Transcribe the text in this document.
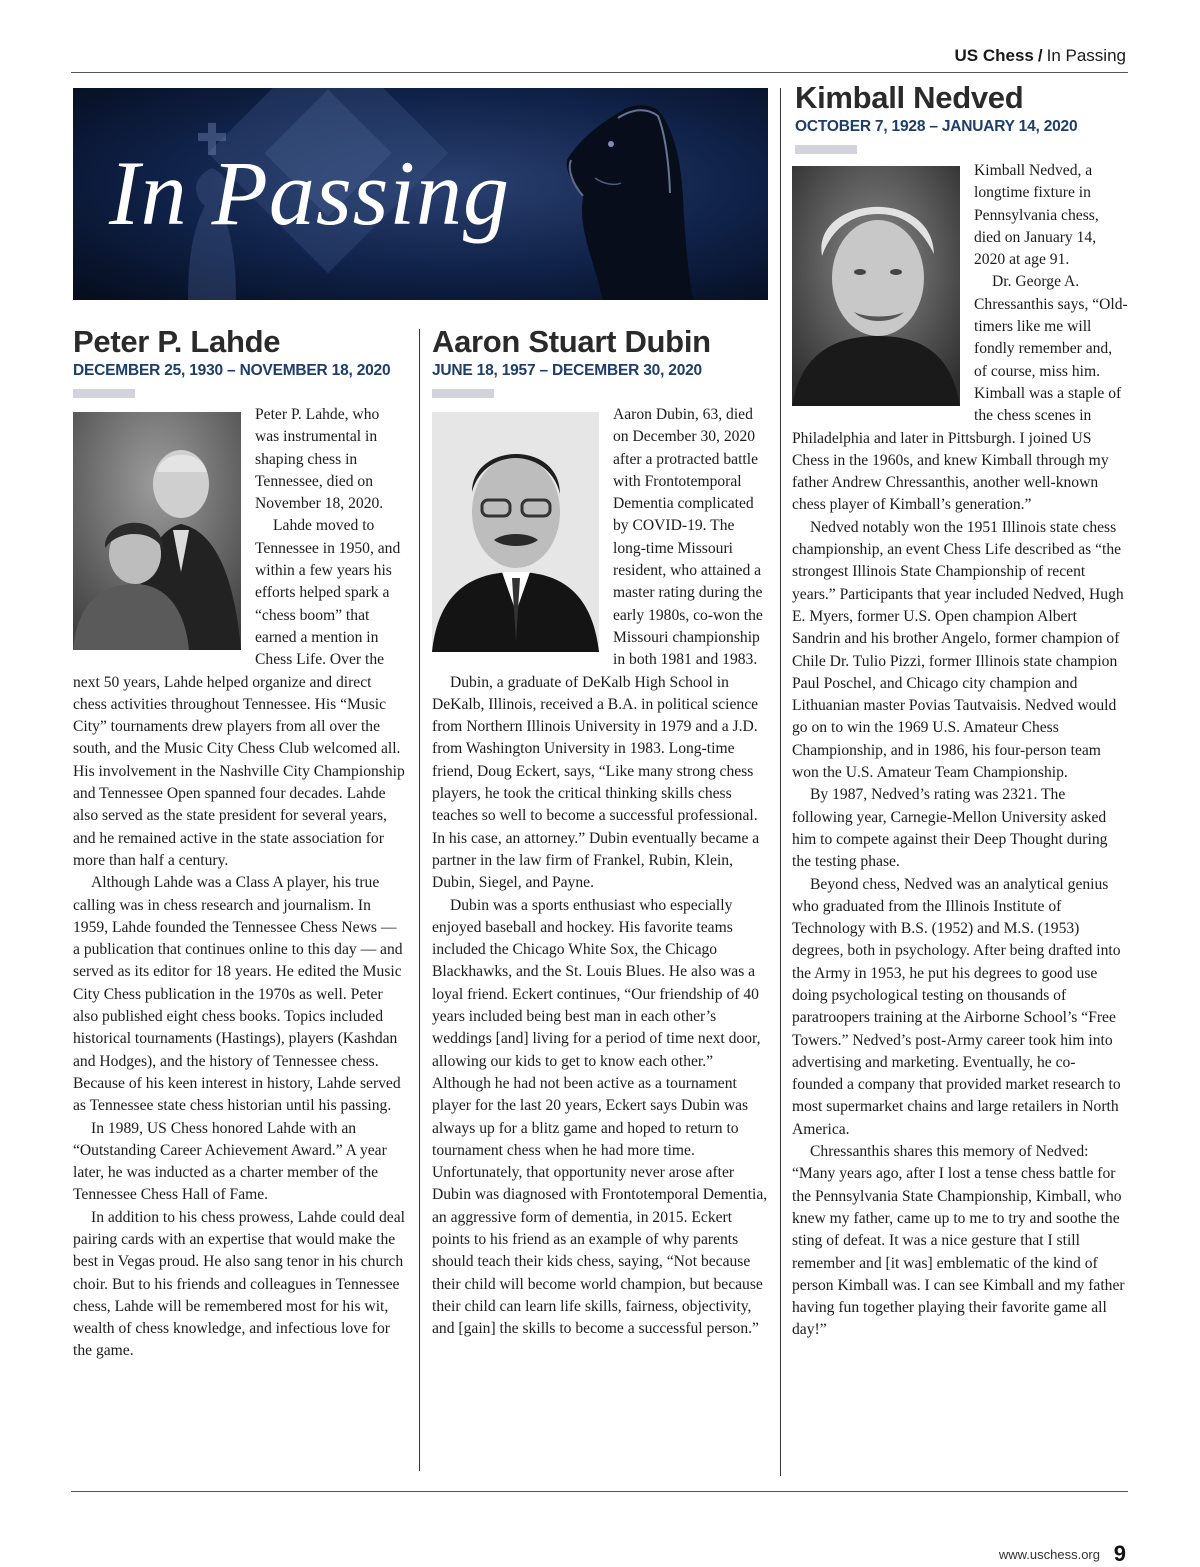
US Chess / In Passing
In Passing
Peter P. Lahde
DECEMBER 25, 1930 – NOVEMBER 18, 2020

Peter P. Lahde, who was instrumental in shaping chess in Tennessee, died on November 18, 2020.

Lahde moved to Tennessee in 1950, and within a few years his efforts helped spark a “chess boom” that earned a mention in Chess Life. Over the next 50 years, Lahde helped organize and direct chess activities throughout Tennessee. His “Music City” tournaments drew players from all over the south, and the Music City Chess Club welcomed all. His involvement in the Nashville City Championship and Tennessee Open spanned four decades. Lahde also served as the state president for several years, and he remained active in the state association for more than half a century.

Although Lahde was a Class A player, his true calling was in chess research and journalism. In 1959, Lahde founded the Tennessee Chess News — a publication that continues online to this day — and served as its editor for 18 years. He edited the Music City Chess publication in the 1970s as well. Peter also published eight chess books. Topics included historical tournaments (Hastings), players (Kashdan and Hodges), and the history of Tennessee chess. Because of his keen interest in history, Lahde served as Tennessee state chess historian until his passing.

In 1989, US Chess honored Lahde with an “Outstanding Career Achievement Award.” A year later, he was inducted as a charter member of the Tennessee Chess Hall of Fame.

In addition to his chess prowess, Lahde could deal pairing cards with an expertise that would make the best in Vegas proud. He also sang tenor in his church choir. But to his friends and colleagues in Tennessee chess, Lahde will be remembered most for his wit, wealth of chess knowledge, and infectious love for the game.

Aaron Stuart Dubin
JUNE 18, 1957 – DECEMBER 30, 2020

Aaron Dubin, 63, died on December 30, 2020 after a protracted battle with Frontotemporal Dementia complicated by COVID-19. The long-time Missouri resident, who attained a master rating during the early 1980s, co-won the Missouri championship in both 1981 and 1983.

Dubin, a graduate of DeKalb High School in DeKalb, Illinois, received a B.A. in political science from Northern Illinois University in 1979 and a J.D. from Washington University in 1983. Long-time friend, Doug Eckert, says, “Like many strong chess players, he took the critical thinking skills chess teaches so well to become a successful professional. In his case, an attorney.” Dubin eventually became a partner in the law firm of Frankel, Rubin, Klein, Dubin, Siegel, and Payne.

Dubin was a sports enthusiast who especially enjoyed baseball and hockey. His favorite teams included the Chicago White Sox, the Chicago Blackhawks, and the St. Louis Blues. He also was a loyal friend. Eckert continues, “Our friendship of 40 years included being best man in each other’s weddings [and] living for a period of time next door, allowing our kids to get to know each other.” Although he had not been active as a tournament player for the last 20 years, Eckert says Dubin was always up for a blitz game and hoped to return to tournament chess when he had more time. Unfortunately, that opportunity never arose after Dubin was diagnosed with Frontotemporal Dementia, an aggressive form of dementia, in 2015. Eckert points to his friend as an example of why parents should teach their kids chess, saying, “Not because their child will become world champion, but because their child can learn life skills, fairness, objectivity, and [gain] the skills to become a successful person.”

Kimball Nedved
OCTOBER 7, 1928 – JANUARY 14, 2020

Kimball Nedved, a longtime fixture in Pennsylvania chess, died on January 14, 2020 at age 91.

Dr. George A. Chressanthis says, “Old-timers like me will fondly remember and, of course, miss him. Kimball was a staple of the chess scenes in Philadelphia and later in Pittsburgh. I joined US Chess in the 1960s, and knew Kimball through my father Andrew Chressanthis, another well-known chess player of Kimball’s generation.”

Nedved notably won the 1951 Illinois state chess championship, an event Chess Life described as “the strongest Illinois State Championship of recent years.” Participants that year included Nedved, Hugh E. Myers, former U.S. Open champion Albert Sandrin and his brother Angelo, former champion of Chile Dr. Tulio Pizzi, former Illinois state champion Paul Poschel, and Chicago city champion and Lithuanian master Povias Tautvaisis. Nedved would go on to win the 1969 U.S. Amateur Chess Championship, and in 1986, his four-person team won the U.S. Amateur Team Championship.

By 1987, Nedved’s rating was 2321. The following year, Carnegie-Mellon University asked him to compete against their Deep Thought during the testing phase.

Beyond chess, Nedved was an analytical genius who graduated from the Illinois Institute of Technology with B.S. (1952) and M.S. (1953) degrees, both in psychology. After being drafted into the Army in 1953, he put his degrees to good use doing psychological testing on thousands of paratroopers training at the Airborne School’s “Free Towers.” Nedved’s post-Army career took him into advertising and marketing. Eventually, he co- founded a company that provided market research to most supermarket chains and large retailers in North America.

Chressanthis shares this memory of Nedved: “Many years ago, after I lost a tense chess battle for the Pennsylvania State Championship, Kimball, who knew my father, came up to me to try and soothe the sting of defeat. It was a nice gesture that I still remember and [it was] emblematic of the kind of person Kimball was. I can see Kimball and my father having fun together playing their favorite game all day!”

www.uschess.org 9
